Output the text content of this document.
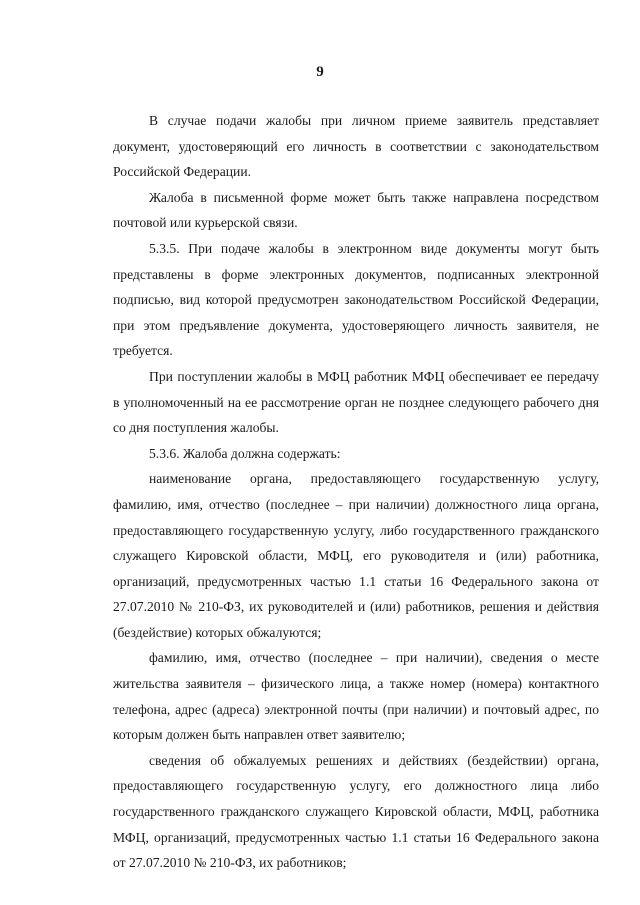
9

В случае подачи жалобы при личном приеме заявитель представляет документ, удостоверяющий его личность в соответствии с законодательством Российской Федерации.

Жалоба в письменной форме может быть также направлена посредством почтовой или курьерской связи.

5.3.5. При подаче жалобы в электронном виде документы могут быть представлены в форме электронных документов, подписанных электронной подписью, вид которой предусмотрен законодательством Российской Федерации, при этом предъявление документа, удостоверяющего личность заявителя, не требуется.

При поступлении жалобы в МФЦ работник МФЦ обеспечивает ее передачу в уполномоченный на ее рассмотрение орган не позднее следующего рабочего дня со дня поступления жалобы.

5.3.6. Жалоба должна содержать:

наименование органа, предоставляющего государственную услугу, фамилию, имя, отчество (последнее – при наличии) должностного лица органа, предоставляющего государственную услугу, либо государственного гражданского служащего Кировской области, МФЦ, его руководителя и (или) работника, организаций, предусмотренных частью 1.1 статьи 16 Федерального закона от 27.07.2010 № 210-ФЗ, их руководителей и (или) работников, решения и действия (бездействие) которых обжалуются;

фамилию, имя, отчество (последнее – при наличии), сведения о месте жительства заявителя – физического лица, а также номер (номера) контактного телефона, адрес (адреса) электронной почты (при наличии) и почтовый адрес, по которым должен быть направлен ответ заявителю;

сведения об обжалуемых решениях и действиях (бездействии) органа, предоставляющего государственную услугу, его должностного лица либо государственного гражданского служащего Кировской области, МФЦ, работника МФЦ, организаций, предусмотренных частью 1.1 статьи 16 Федерального закона от 27.07.2010 № 210-ФЗ, их работников;
